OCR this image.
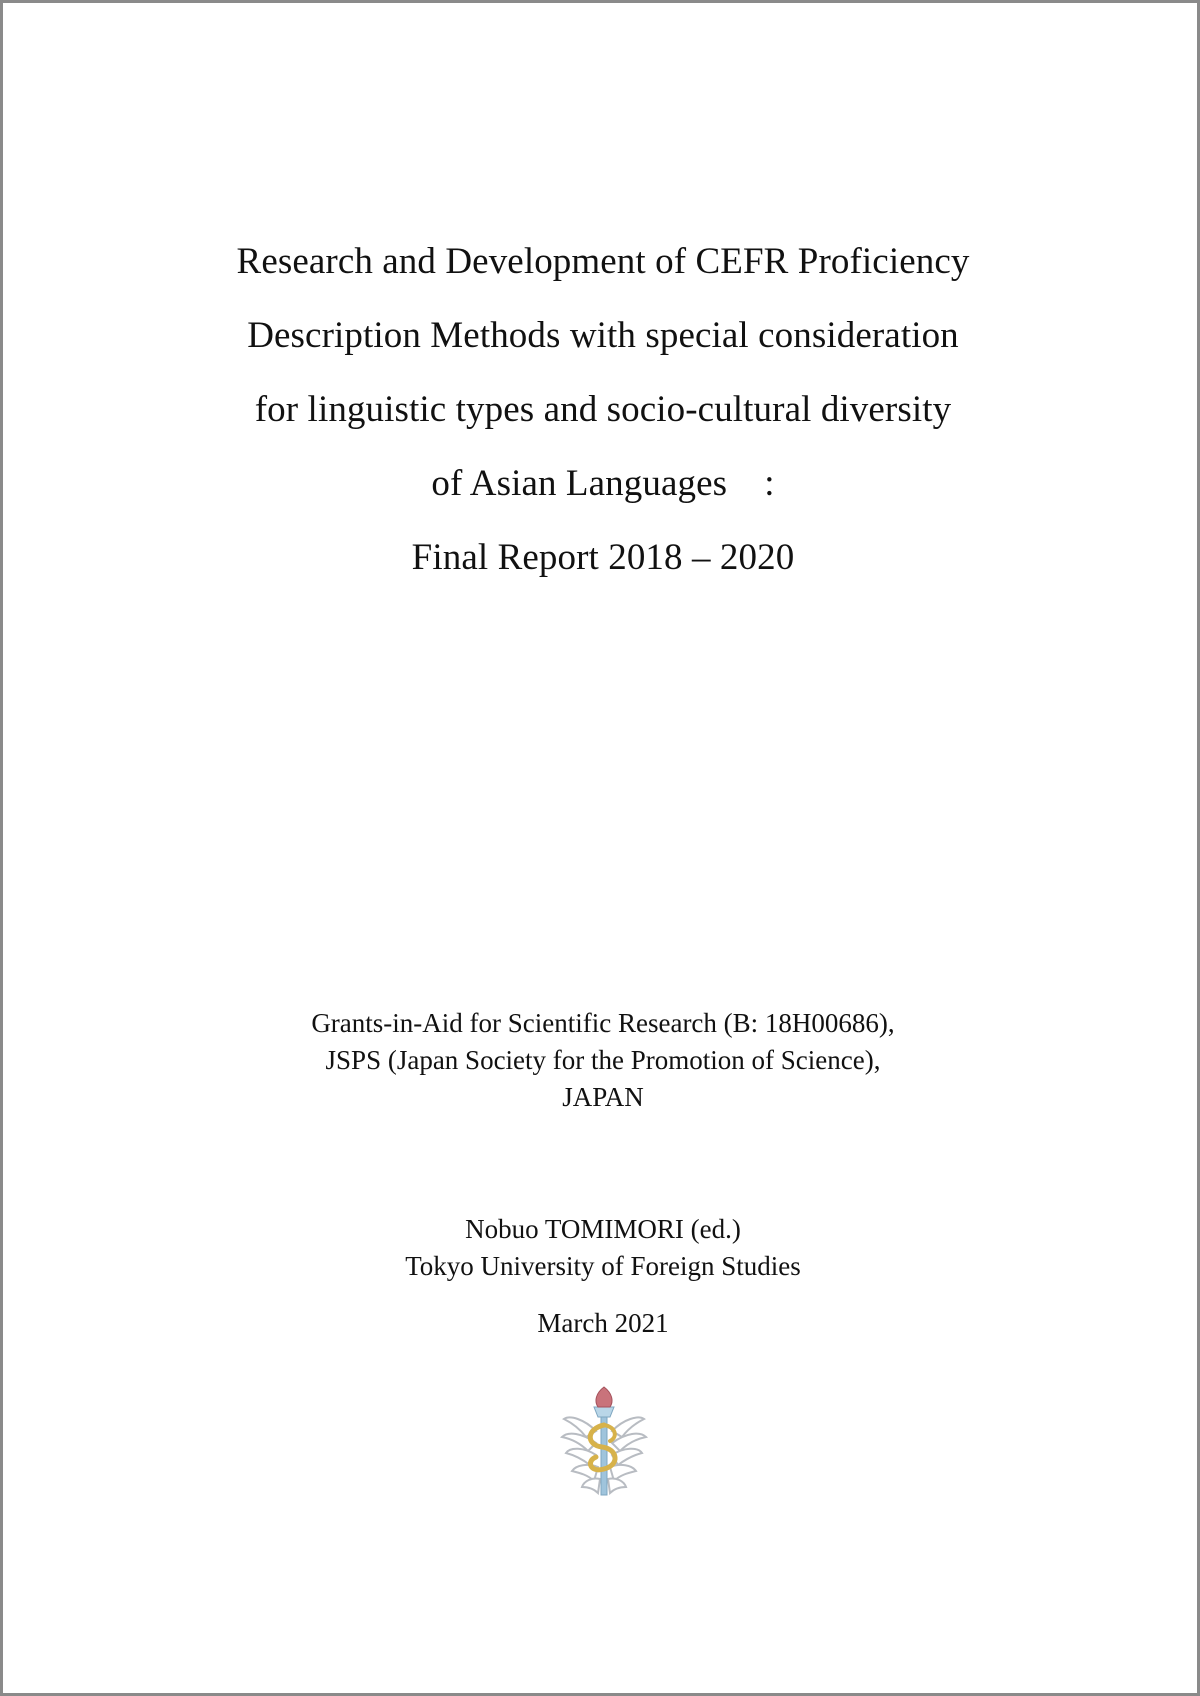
Research and Development of CEFR Proficiency
Description Methods with special consideration
for linguistic types and socio-cultural diversity
of Asian Languages　:
Final Report 2018 – 2020
Grants-in-Aid for Scientific Research (B: 18H00686),
JSPS (Japan Society for the Promotion of Science),
JAPAN
Nobuo TOMIMORI (ed.)
Tokyo University of Foreign Studies
March 2021
